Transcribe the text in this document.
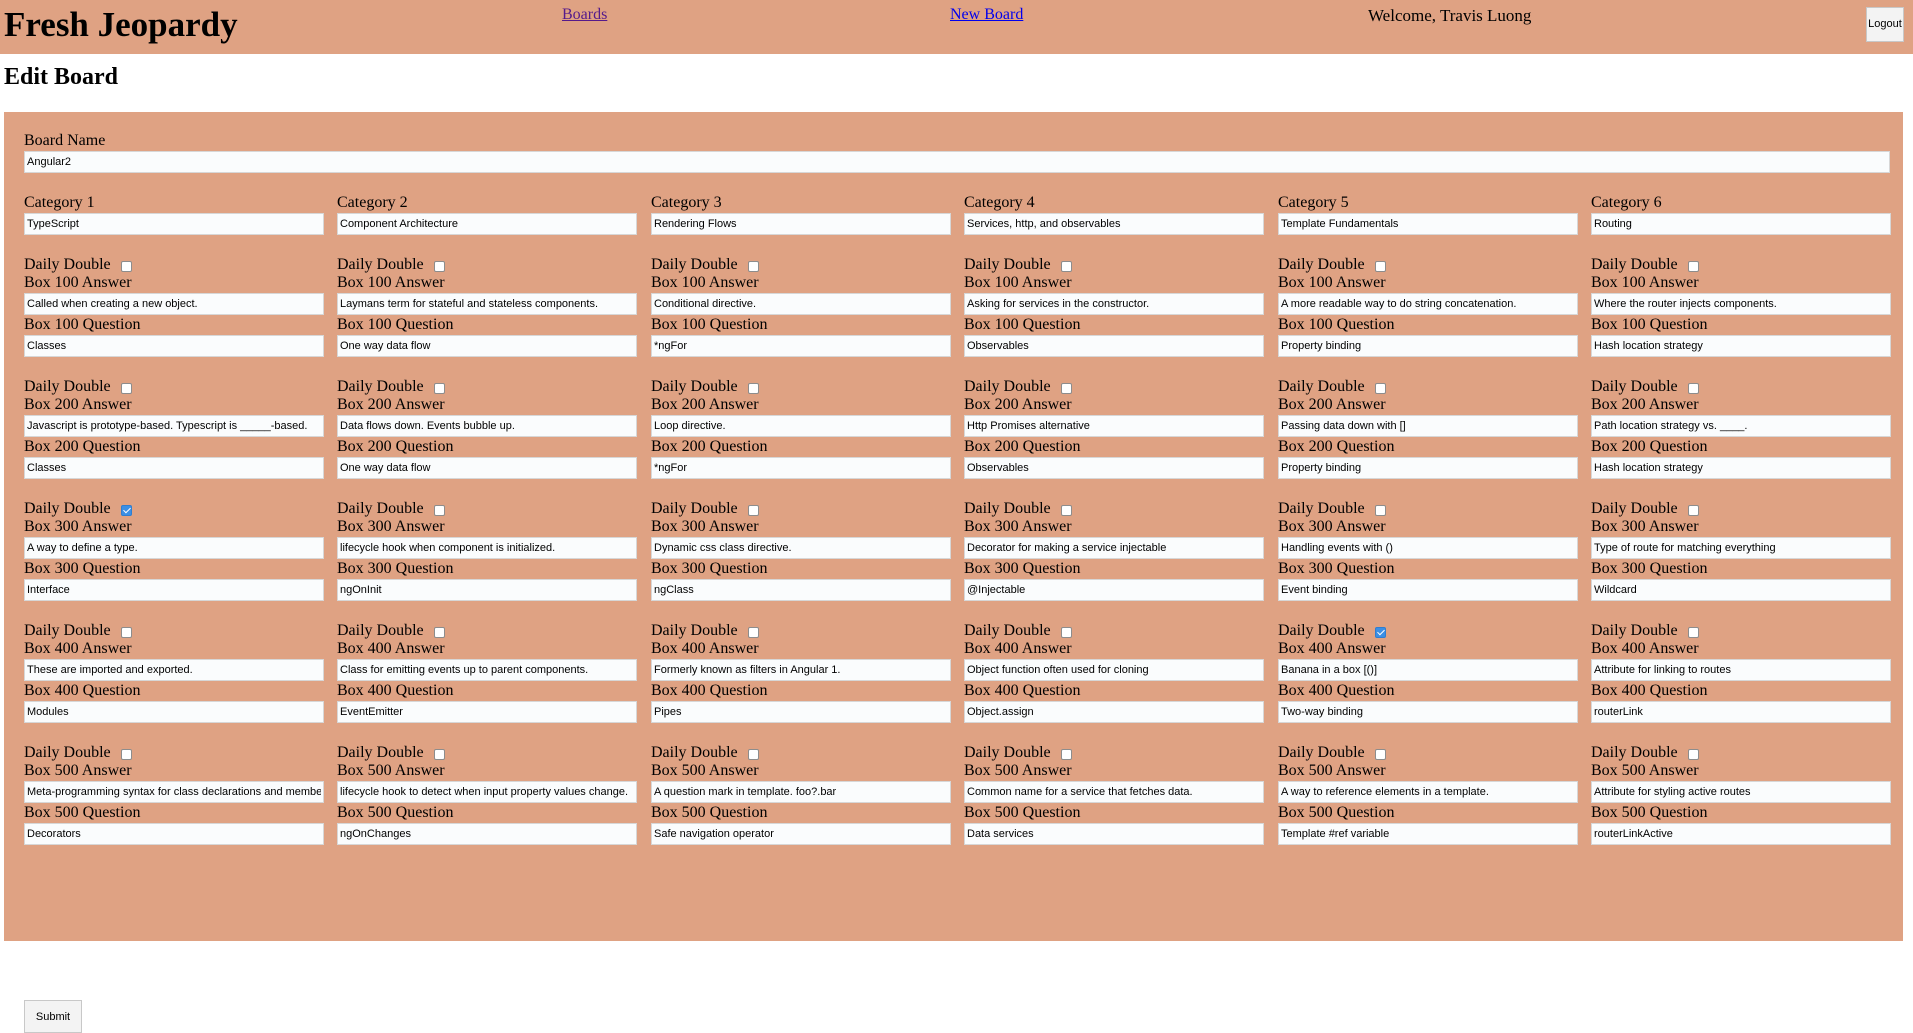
Fresh Jeopardy	Boards	New Board	Welcome, Travis Luong	Logout
Edit Board
Board Name
Angular2
Submit
Category 1
TypeScript
Daily Double
Box 100 Answer
Called when creating a new object.
Box 100 Question
Classes
Daily Double
Box 200 Answer
Javascript is prototype-based. Typescript is _____-based.
Box 200 Question
Classes
Daily Double
Box 300 Answer
A way to define a type.
Box 300 Question
Interface
Daily Double
Box 400 Answer
These are imported and exported.
Box 400 Question
Modules
Daily Double
Box 500 Answer
Meta-programming syntax for class declarations and members.
Box 500 Question
Decorators
Category 2
Component Architecture
Daily Double
Box 100 Answer
Laymans term for stateful and stateless components.
Box 100 Question
One way data flow
Daily Double
Box 200 Answer
Data flows down. Events bubble up.
Box 200 Question
One way data flow
Daily Double
Box 300 Answer
lifecycle hook when component is initialized.
Box 300 Question
ngOnInit
Daily Double
Box 400 Answer
Class for emitting events up to parent components.
Box 400 Question
EventEmitter
Daily Double
Box 500 Answer
lifecycle hook to detect when input property values change.
Box 500 Question
ngOnChanges
Category 3
Rendering Flows
Daily Double
Box 100 Answer
Conditional directive.
Box 100 Question
*ngFor
Daily Double
Box 200 Answer
Loop directive.
Box 200 Question
*ngFor
Daily Double
Box 300 Answer
Dynamic css class directive.
Box 300 Question
ngClass
Daily Double
Box 400 Answer
Formerly known as filters in Angular 1.
Box 400 Question
Pipes
Daily Double
Box 500 Answer
A question mark in template. foo?.bar
Box 500 Question
Safe navigation operator
Category 4
Services, http, and observables
Daily Double
Box 100 Answer
Asking for services in the constructor.
Box 100 Question
Observables
Daily Double
Box 200 Answer
Http Promises alternative
Box 200 Question
Observables
Daily Double
Box 300 Answer
Decorator for making a service injectable
Box 300 Question
@Injectable
Daily Double
Box 400 Answer
Object function often used for cloning
Box 400 Question
Object.assign
Daily Double
Box 500 Answer
Common name for a service that fetches data.
Box 500 Question
Data services
Category 5
Template Fundamentals
Daily Double
Box 100 Answer
A more readable way to do string concatenation.
Box 100 Question
Property binding
Daily Double
Box 200 Answer
Passing data down with []
Box 200 Question
Property binding
Daily Double
Box 300 Answer
Handling events with ()
Box 300 Question
Event binding
Daily Double
Box 400 Answer
Banana in a box [()]
Box 400 Question
Two-way binding
Daily Double
Box 500 Answer
A way to reference elements in a template.
Box 500 Question
Template #ref variable
Category 6
Routing
Daily Double
Box 100 Answer
Where the router injects components.
Box 100 Question
Hash location strategy
Daily Double
Box 200 Answer
Path location strategy vs. ____.
Box 200 Question
Hash location strategy
Daily Double
Box 300 Answer
Type of route for matching everything
Box 300 Question
Wildcard
Daily Double
Box 400 Answer
Attribute for linking to routes
Box 400 Question
routerLink
Daily Double
Box 500 Answer
Attribute for styling active routes
Box 500 Question
routerLinkActive
